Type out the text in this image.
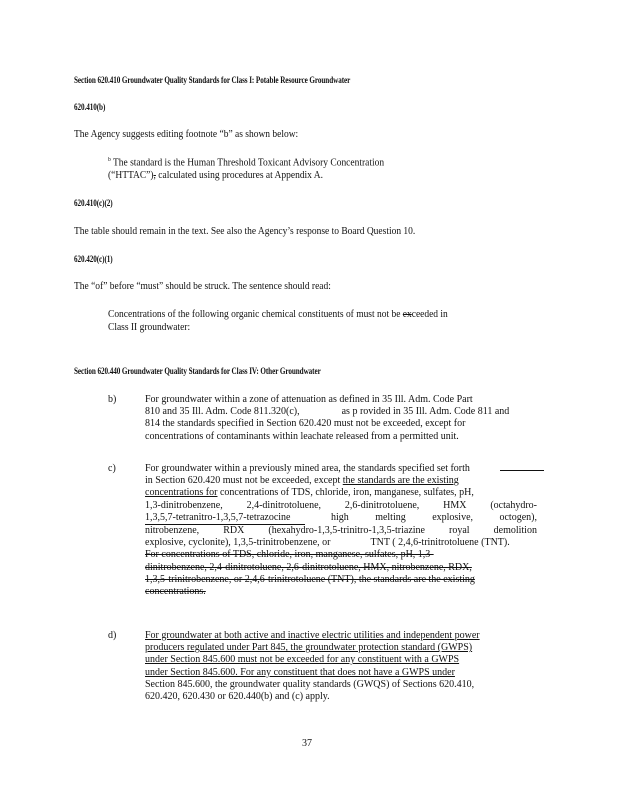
Section 620.410 Groundwater Quality Standards for Class I: Potable Resource Groundwater
620.410(b)
The Agency suggests editing footnote “b” as shown below:
$^b$ The standard is the Human Threshold Toxicant Advisory Concentration
(“HTTAC”), calculated using procedures at Appendix A.
620.410(c)(2)
The table should remain in the text. See also the Agency’s response to Board Question 10.
620.420(c)(1)
The “of” before “must” should be struck. The sentence should read:
Concentrations of the following organic chemical constituents of must not be exceeded in
Class II groundwater:
Section 620.440 Groundwater Quality Standards for Class IV: Other Groundwater
b)	For groundwater within a zone of attenuation as defined in 35 Ill. Adm. Code Part
810 and 35 Ill. Adm. Code 811.320(c),	as p rovided in 35 Ill. Adm. Code 811 and
814 the standards specified in Section 620.420 must not be exceeded, except for
concentrations of contaminants within leachate released from a permitted unit.
c)	For groundwater within a previously mined area, the standards specified set forth
in Section 620.420 must not be exceeded, except the standards are the existing
concentrations for concentrations of TDS, chloride, iron, manganese, sulfates, pH,
1,3-dinitrobenzene, 2,4-dinitrotoluene, 2,6-dinitrotoluene, HMX (octahydro-
1,3,5,7-tetranitro-1,3,5,7-tetrazocine	high	melting	explosive,	octogen),
nitrobenzene, RDX (hexahydro-1,3,5-trinitro-1,3,5-triazine royal demolition
explosive, cyclonite), 1,3,5-trinitrobenzene, or	TNT ( 2,4,6-trinitrotoluene (TNT).
For concentrations of TDS, chloride, iron, manganese, sulfates, pH, 1,3-
dinitrobenzene, 2,4-dinitrotoluene, 2,6-dinitrotoluene, HMX, nitrobenzene, RDX,
1,3,5-trinitrobenzene, or 2,4,6-trinitrotoluene (TNT), the standards are the existing
concentrations.
d)	For groundwater at both active and inactive electric utilities and independent power
producers regulated under Part 845, the groundwater protection standard (GWPS)
under Section 845.600 must not be exceeded for any constituent with a GWPS
under Section 845.600. For any constituent that does not have a GWPS under
Section 845.600, the groundwater quality standards (GWQS) of Sections 620.410,
620.420, 620.430 or 620.440(b) and (c) apply.
37
